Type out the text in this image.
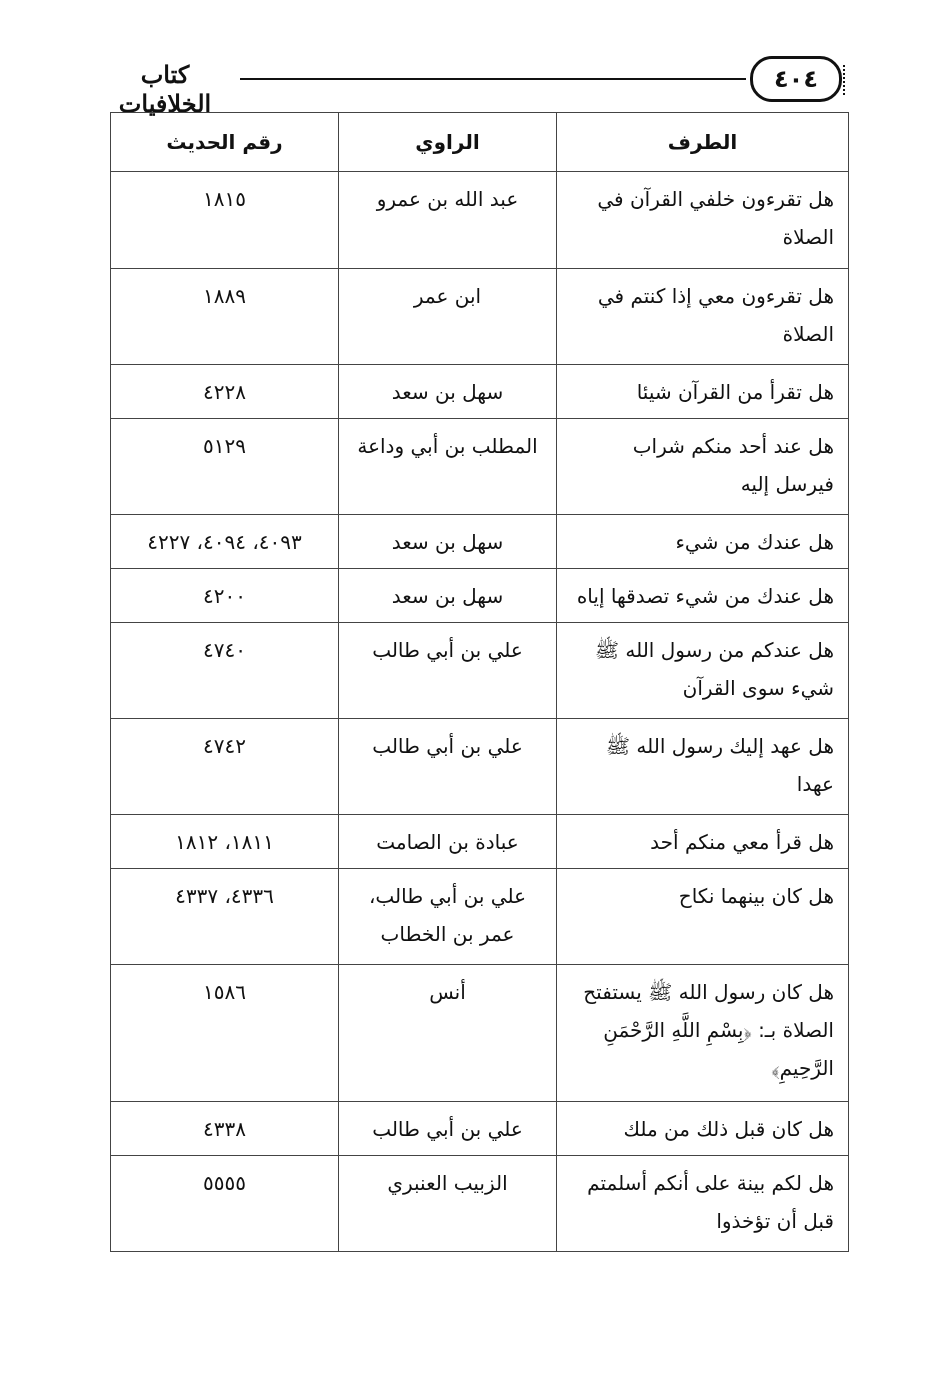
كتاب الخلافيات
٤٠٤
الطرف	الراوي	رقم الحديث
هل تقرءون خلفي القرآن في الصلاة	عبد الله بن عمرو	١٨١٥
هل تقرءون معي إذا كنتم في الصلاة	ابن عمر	١٨٨٩
هل تقرأ من القرآن شيئا	سهل بن سعد	٤٢٢٨
هل عند أحد منكم شراب فيرسل إليه	المطلب بن أبي وداعة	٥١٢٩
هل عندك من شيء	سهل بن سعد	٤٠٩٣، ٤٠٩٤، ٤٢٢٧
هل عندك من شيء تصدقها إياه	سهل بن سعد	٤٢٠٠
هل عندكم من رسول الله ﷺ شيء سوى القرآن	علي بن أبي طالب	٤٧٤٠
هل عهد إليك رسول الله ﷺ عهدا	علي بن أبي طالب	٤٧٤٢
هل قرأ معي منكم أحد	عبادة بن الصامت	١٨١١، ١٨١٢
هل كان بينهما نكاح	علي بن أبي طالب، عمر بن الخطاب	٤٣٣٦، ٤٣٣٧
هل كان رسول الله ﷺ يستفتح الصلاة بـ: ﴿بِسْمِ اللَّهِ الرَّحْمَنِ الرَّحِيمِ﴾	أنس	١٥٨٦
هل كان قبل ذلك من ملك	علي بن أبي طالب	٤٣٣٨
هل لكم بينة على أنكم أسلمتم قبل أن تؤخذوا	الزبيب العنبري	٥٥٥٥
